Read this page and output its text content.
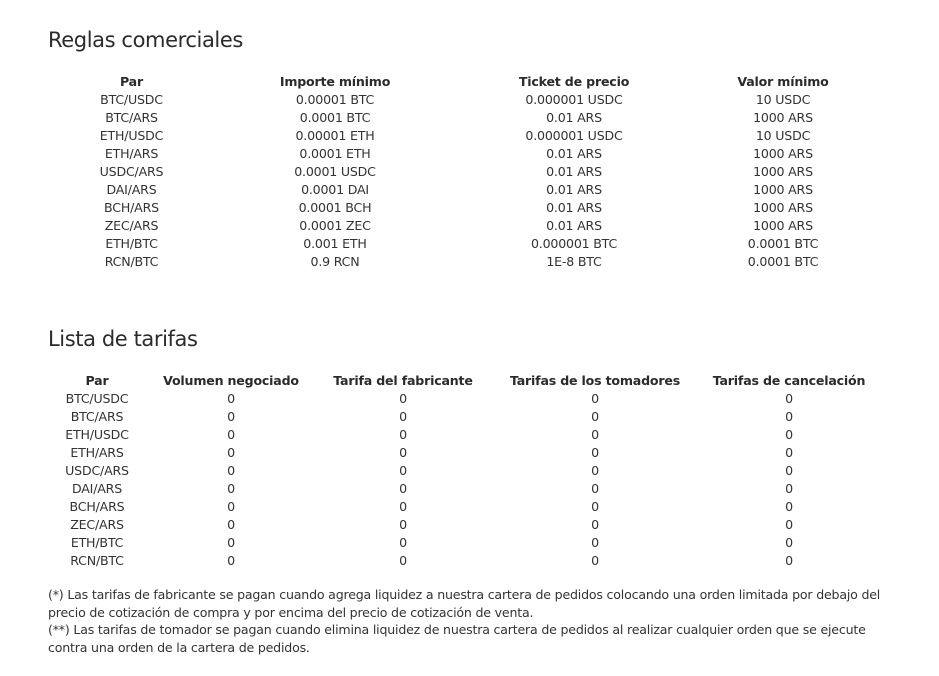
Reglas comerciales
Par	Importe mínimo	Ticket de precio	Valor mínimo
BTC/USDC	0.00001 BTC	0.000001 USDC	10 USDC
BTC/ARS	0.0001 BTC	0.01 ARS	1000 ARS
ETH/USDC	0.00001 ETH	0.000001 USDC	10 USDC
ETH/ARS	0.0001 ETH	0.01 ARS	1000 ARS
USDC/ARS	0.0001 USDC	0.01 ARS	1000 ARS
DAI/ARS	0.0001 DAI	0.01 ARS	1000 ARS
BCH/ARS	0.0001 BCH	0.01 ARS	1000 ARS
ZEC/ARS	0.0001 ZEC	0.01 ARS	1000 ARS
ETH/BTC	0.001 ETH	0.000001 BTC	0.0001 BTC
RCN/BTC	0.9 RCN	1E-8 BTC	0.0001 BTC
Lista de tarifas
Par	Volumen negociado	Tarifa del fabricante	Tarifas de los tomadores	Tarifas de cancelación
BTC/USDC	0	0	0	0
BTC/ARS	0	0	0	0
ETH/USDC	0	0	0	0
ETH/ARS	0	0	0	0
USDC/ARS	0	0	0	0
DAI/ARS	0	0	0	0
BCH/ARS	0	0	0	0
ZEC/ARS	0	0	0	0
ETH/BTC	0	0	0	0
RCN/BTC	0	0	0	0

(*) Las tarifas de fabricante se pagan cuando agrega liquidez a nuestra cartera de pedidos colocando una orden limitada por debajo del precio de cotización de compra y por encima del precio de cotización de venta.

(**) Las tarifas de tomador se pagan cuando elimina liquidez de nuestra cartera de pedidos al realizar cualquier orden que se ejecute contra una orden de la cartera de pedidos.
